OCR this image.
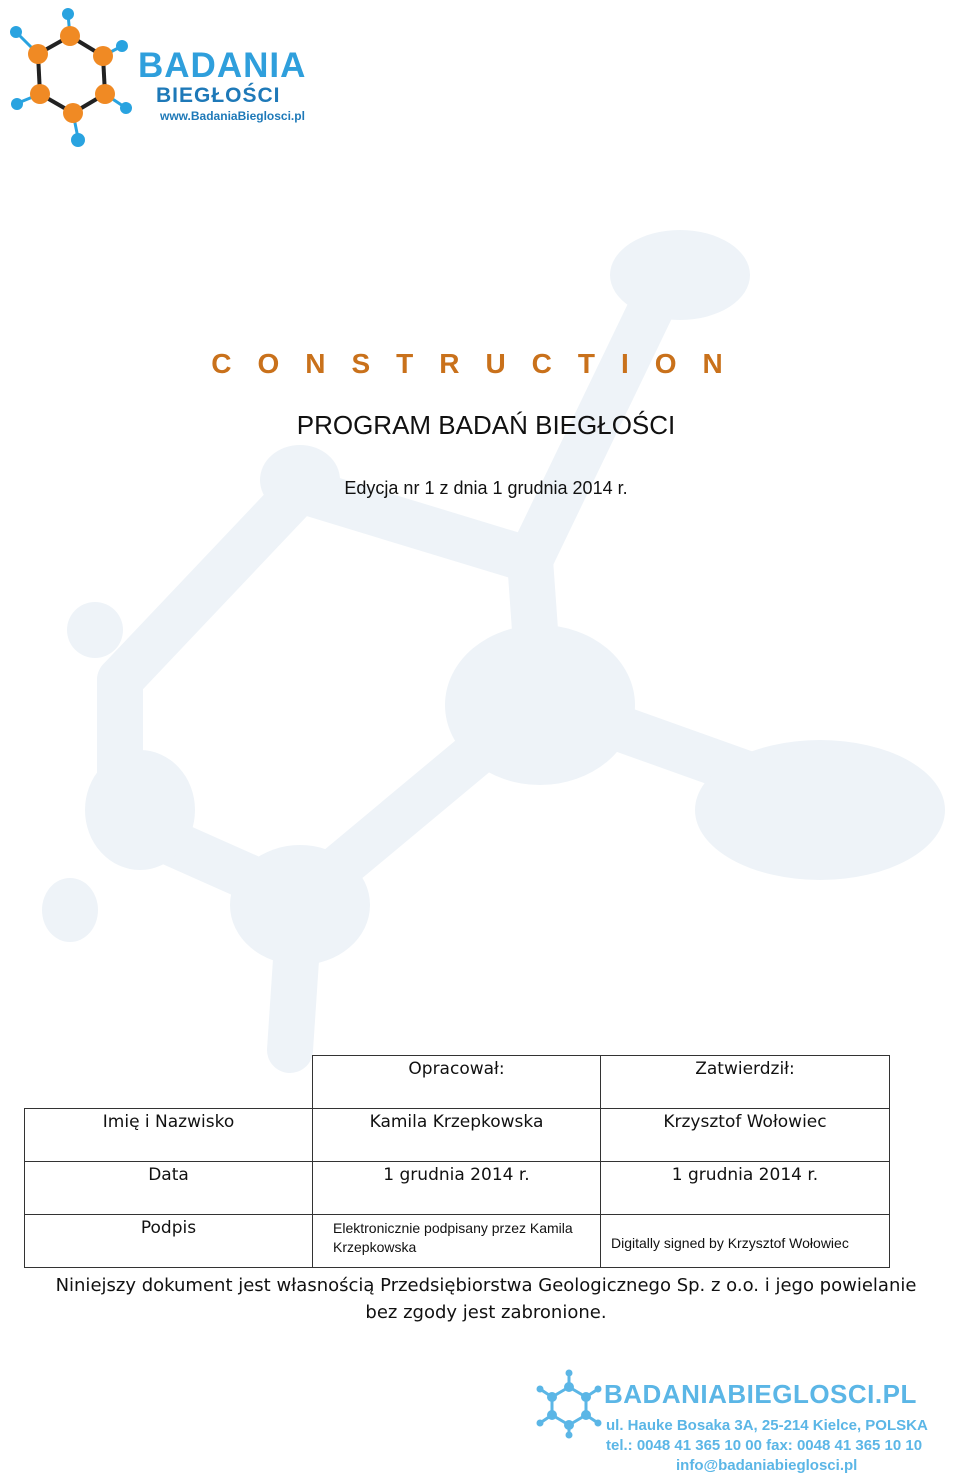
BADANIA
BIEGŁOŚCI
www.BadaniaBieglosci.pl
CONSTRUCTION
PROGRAM BADAŃ BIEGŁOŚCI
Edycja nr 1 z dnia 1 grudnia 2014 r.

	Opracował:	Zatwierdził:

Imię i Nazwisko	Kamila Krzepkowska	Krzysztof Wołowiec

Data	1 grudnia 2014 r.	1 grudnia 2014 r.

Podpis	Elektronicznie podpisany przez Kamila Krzepkowska	Digitally signed by Krzysztof Wołowiec
Niniejszy dokument jest własnością Przedsiębiorstwa Geologicznego Sp. z o.o. i jego powielanie bez zgody jest zabronione.
BADANIABIEGLOSCI.PL
ul. Hauke Bosaka 3A, 25-214 Kielce, POLSKA
tel.: 0048 41 365 10 00 fax: 0048 41 365 10 10
info@badaniabieglosci.pl
